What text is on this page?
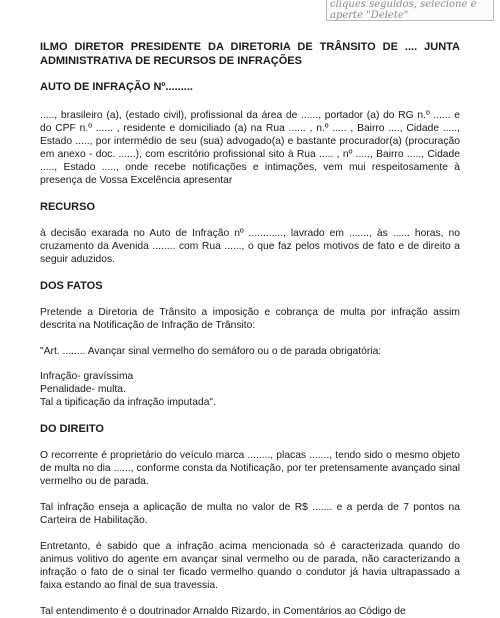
cliques seguidos, selecione e
aperte "Delete"

ILMO DIRETOR PRESIDENTE DA DIRETORIA DE TRÂNSITO DE .... JUNTA ADMINISTRATIVA DE RECURSOS DE INFRAÇÕES

AUTO DE INFRAÇÃO Nº.........

....., brasileiro (a), (estado civil), profissional da área de ......, portador (a) do RG n.º ...... e do CPF n.º ...... , residente e domiciliado (a) na Rua ...... , n.º ..... , Bairro ...., Cidade ....., Estado ....., por intermédio de seu (sua) advogado(a) e bastante procurador(a) (procuração em anexo - doc. ......), com escritório profissional sito à Rua ..... , nº ....., Bairro ....., Cidade ....., Estado ....., onde recebe notificações e intimações, vem mui respeitosamente à presença de Vossa Excelência apresentar

RECURSO

à decisão exarada no Auto de Infração nº ............, lavrado em ......., às ...... horas, no cruzamento da Avenida ........ com Rua ......, o que faz pelos motivos de fato e de direito a seguir aduzidos.

DOS FATOS

Pretende a Diretoria de Trânsito a imposição e cobrança de multa por infração assim descrita na Notificação de Infração de Trânsito:

"Art. ........ Avançar sinal vermelho do semáforo ou o de parada obrigatória:

Infração- gravíssima
Penalidade- multa.
Tal a tipificação da infração imputada".

DO DIREITO

O recorrente é proprietário do veículo marca ........, placas ......., tendo sido o mesmo objeto de multa no dia ......, conforme consta da Notificação, por ter pretensamente avançado sinal vermelho ou de parada.

Tal infração enseja a aplicação de multa no valor de R$ ....... e a perda de 7 pontos na Carteira de Habilitação.

Entretanto, é sabido que a infração acima mencionada só é caracterizada quando do animus volitivo do agente em avançar sinal vermelho ou de parada, não caracterizando a infração o fato de o sinal ter ficado vermelho quando o condutor já havia ultrapassado a faixa estando ao final de sua travessia.

Tal entendimento é o doutrinador Arnaldo Rizardo, in Comentários ao Código de
